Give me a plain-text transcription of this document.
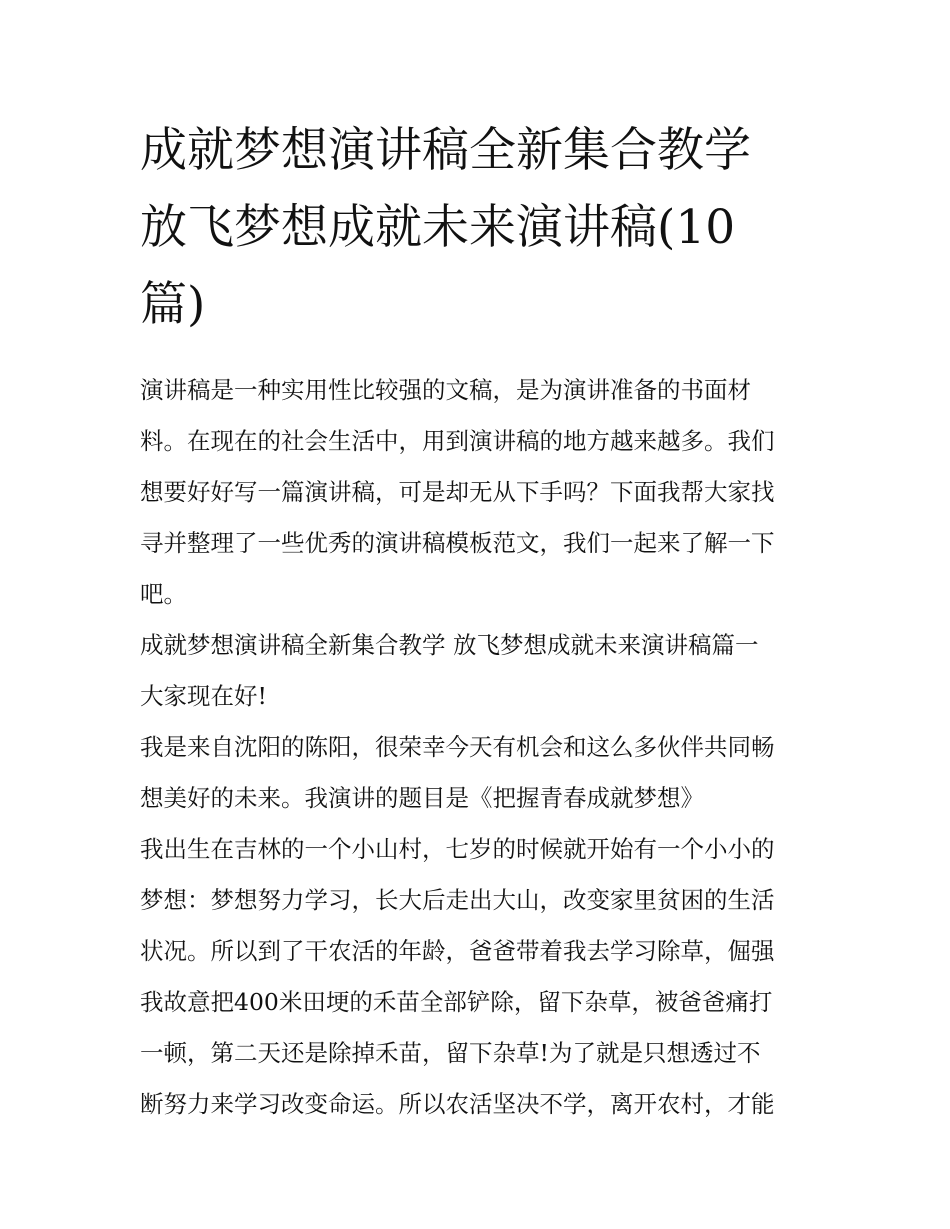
成就梦想演讲稿全新集合教学
放飞梦想成就未来演讲稿(10
篇)
演讲稿是一种实用性比较强的文稿，是为演讲准备的书面材
料。在现在的社会生活中，用到演讲稿的地方越来越多。我们
想要好好写一篇演讲稿，可是却无从下手吗？下面我帮大家找
寻并整理了一些优秀的演讲稿模板范文，我们一起来了解一下
吧。
成就梦想演讲稿全新集合教学 放飞梦想成就未来演讲稿篇一
大家现在好!
我是来自沈阳的陈阳，很荣幸今天有机会和这么多伙伴共同畅
想美好的未来。我演讲的题目是《把握青春成就梦想》
我出生在吉林的一个小山村，七岁的时候就开始有一个小小的
梦想：梦想努力学习，长大后走出大山，改变家里贫困的生活
状况。所以到了干农活的年龄，爸爸带着我去学习除草，倔强
我故意把400米田埂的禾苗全部铲除，留下杂草，被爸爸痛打
一顿，第二天还是除掉禾苗，留下杂草!为了就是只想透过不
断努力来学习改变命运。所以农活坚决不学，离开农村，才能
